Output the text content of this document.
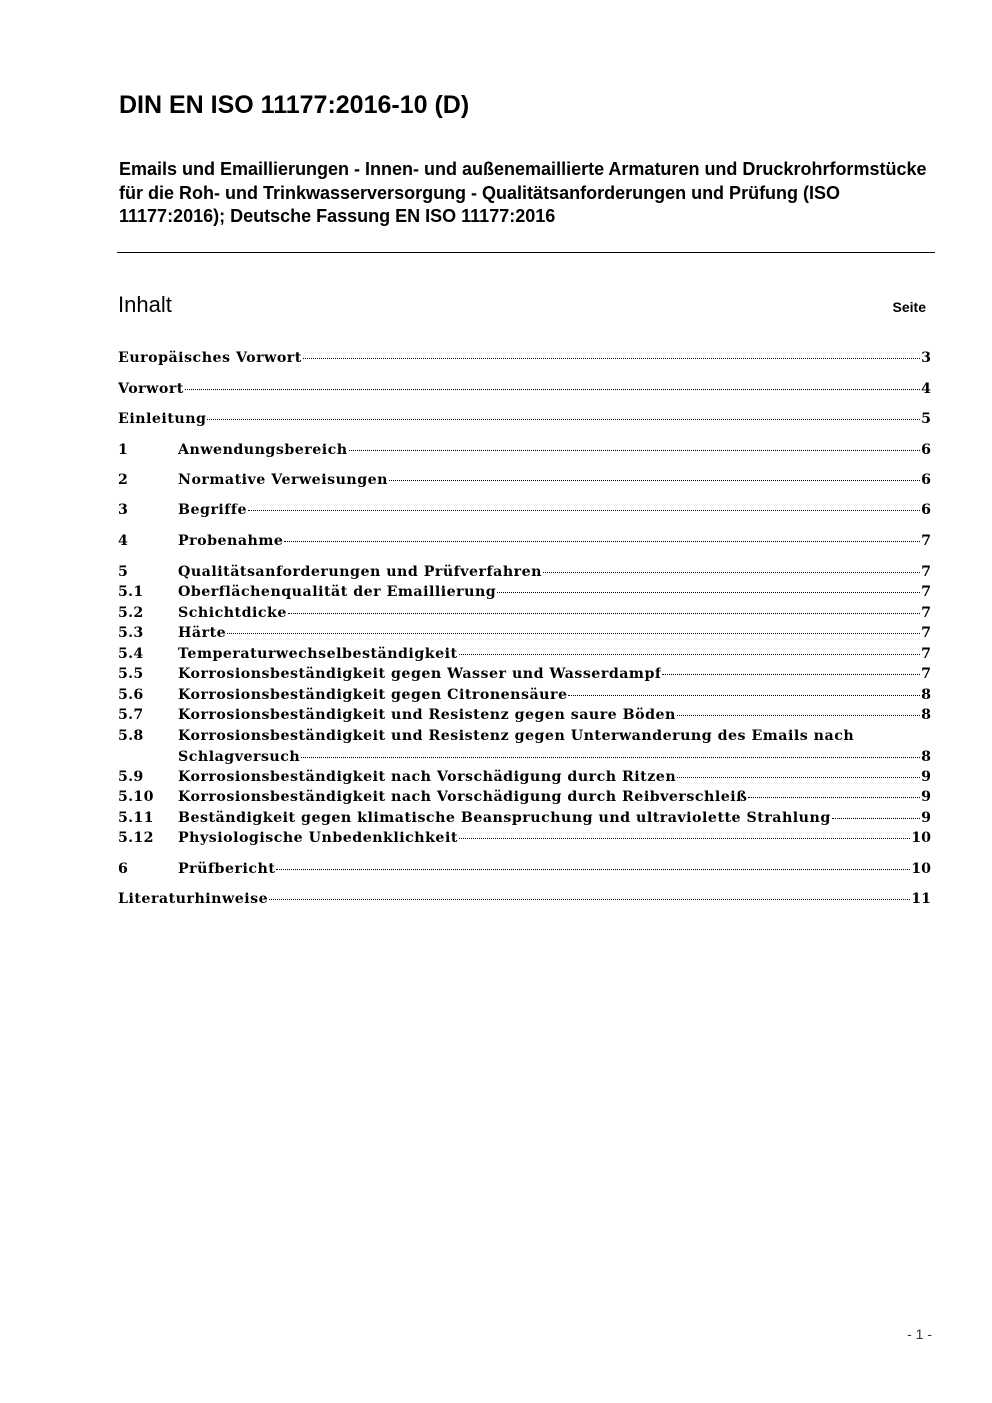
DIN EN ISO 11177:2016-10 (D)
Emails und Emaillierungen - Innen- und außenemaillierte Armaturen und Druckrohrformstücke für die Roh- und Trinkwasserversorgung - Qualitätsanforderungen und Prüfung (ISO 11177:2016); Deutsche Fassung EN ISO 11177:2016
Inhalt	Seite
Europäisches Vorwort	3
Vorwort	4
Einleitung	5
1	Anwendungsbereich	6
2	Normative Verweisungen	6
3	Begriffe	6
4	Probenahme	7
5	Qualitätsanforderungen und Prüfverfahren	7
5.1	Oberflächenqualität der Emaillierung	7
5.2	Schichtdicke	7
5.3	Härte	7
5.4	Temperaturwechselbeständigkeit	7
5.5	Korrosionsbeständigkeit gegen Wasser und Wasserdampf	7
5.6	Korrosionsbeständigkeit gegen Citronensäure	8
5.7	Korrosionsbeständigkeit und Resistenz gegen saure Böden	8
5.8	Korrosionsbeständigkeit und Resistenz gegen Unterwanderung des Emails nach
Schlagversuch	8
5.9	Korrosionsbeständigkeit nach Vorschädigung durch Ritzen	9
5.10	Korrosionsbeständigkeit nach Vorschädigung durch Reibverschleiß	9
5.11	Beständigkeit gegen klimatische Beanspruchung und ultraviolette Strahlung	9
5.12	Physiologische Unbedenklichkeit	10
6	Prüfbericht	10
Literaturhinweise	11
- 1 -
